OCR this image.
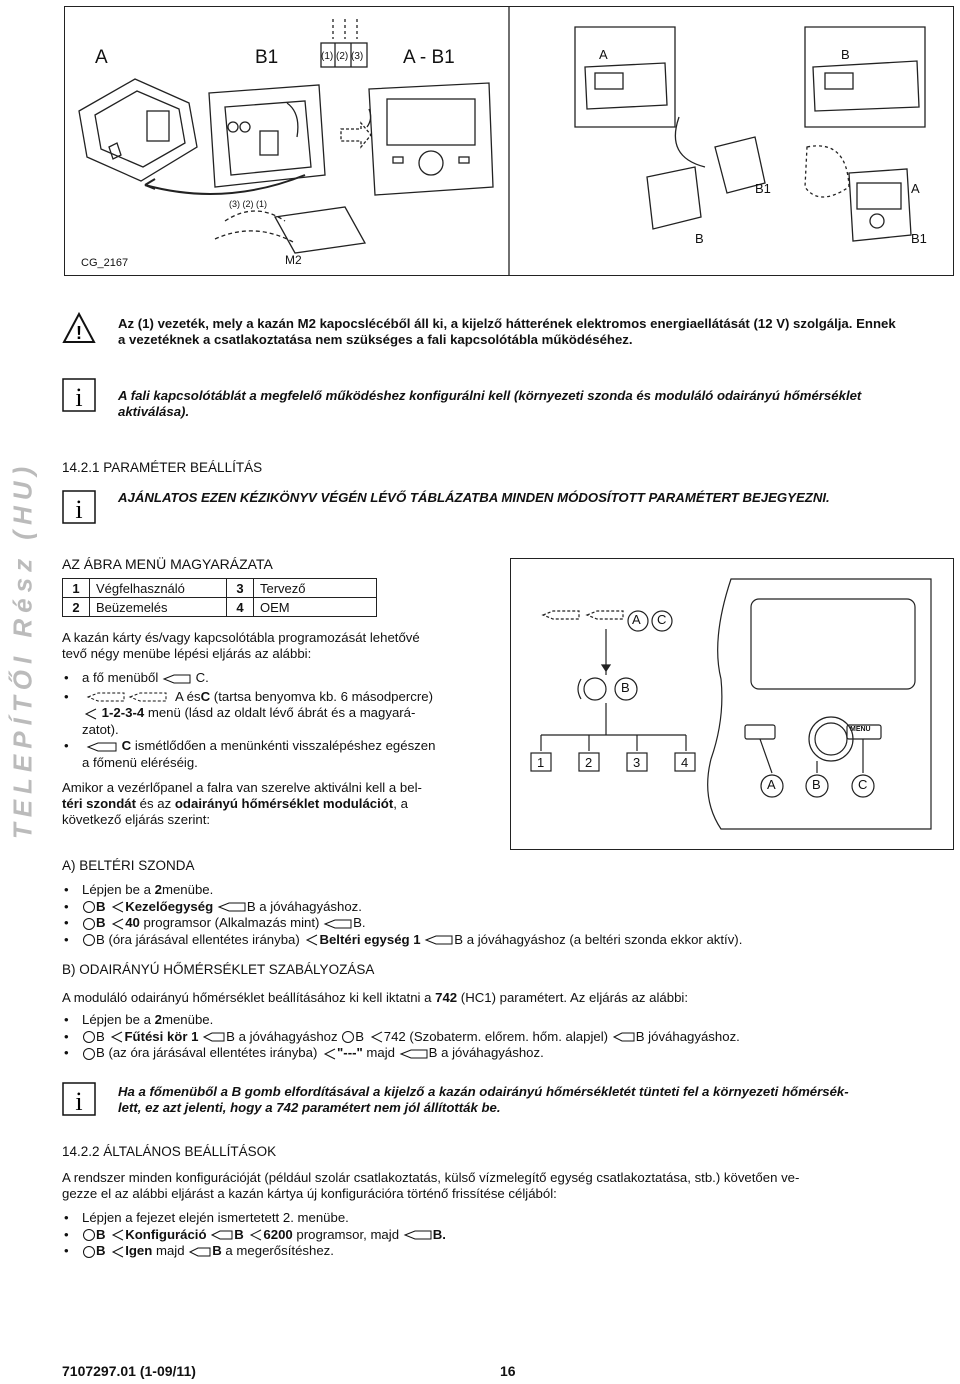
TELEPÍTŐI Rész (HU)
A	B1	A - B1
(1) (2) (3)
(3) (2) (1)
M2
CG_2167
A	B
B1	A
B	B1
!	Az (1) vezeték, mely a kazán M2 kapocslécéből áll ki, a kijelző hátterének elektromos energiaellátását (12 V) szolgálja. Ennek
a vezetéknek a csatlakoztatása nem szükséges a fali kapcsolótábla működéséhez.
i	A fali kapcsolótáblát a megfelelő működéshez konfigurálni kell (környezeti szonda és moduláló odairányú hőmérséklet
aktiválása).
14.2.1 PARAMÉTER BEÁLLÍTÁS
i	AJÁNLATOS EZEN KÉZIKÖNYV VÉGÉN LÉVŐ TÁBLÁZATBA MINDEN MÓDOSÍTOTT PARAMÉTERT BEJEGYEZNI.
AZ ÁBRA MENÜ MAGYARÁZATA
1	Végfelhasználó	3	Tervező
2	Beüzemelés	4	OEM
A kazán kárty és/vagy kapcsolótábla programozását lehetővé
tevő négy menübe lépési eljárás az alábbi:
• a fő menüből	C.
• A ésC (tartsa benyomva kb. 6 másodpercre)
1-2-3-4 menü (lásd az oldalt lévő ábrát és a magyará-
zatot).
• C ismétlődően a menünkénti visszalépéshez egészen
a főmenü eléréséig.
Amikor a vezérlőpanel a falra van szerelve aktiválni kell a bel-
téri szondát és az odairányú hőmérséklet modulációt, a
következő eljárás szerint:
A C
B
1	2	3	4
A	B	C
MENU
A) BELTÉRI SZONDA
• Lépjen be a 2menübe.
• B Kezelőegység	B a jóváhagyáshoz.
• B 40 programsor (Alkalmazás mint) B.
• B (óra járásával ellentétes irányba) Beltéri egység 1	B a jóváhagyáshoz (a beltéri szonda ekkor aktív).
B) ODAIRÁNYÚ HŐMÉRSÉKLET SZABÁLYOZÁSA
A moduláló odairányú hőmérséklet beállításához ki kell iktatni a 742 (HC1) paramétert. Az eljárás az alábbi:
• Lépjen be a 2menübe.
• B Fűtési kör 1 B a jóváhagyáshoz B 742 (Szobaterm. előrem. hőm. alapjel) B jóváhagyáshoz.
• B (az óra járásával ellentétes irányba) "---" majd B a jóváhagyáshoz.
i	Ha a főmenüből a B gomb elfordításával a kijelző a kazán odairányú hőmérsékletét tünteti fel a környezeti hőmérsék-
lett, ez azt jelenti, hogy a 742 paramétert nem jól állították be.
14.2.2 ÁLTALÁNOS BEÁLLÍTÁSOK
A rendszer minden konfigurációját (például szolár csatlakoztatás, külső vízmelegítő egység csatlakoztatása, stb.) követően ve-
gezze el az alábbi eljárást a kazán kártya új konfigurációra történő frissítése céljából:
• Lépjen a fejezet elején ismertetett 2. menübe.
• B Konfiguráció B 6200 programsor, majd B.
• B Igen majd B a megerősítéshez.
7107297.01 (1-09/11)	16
